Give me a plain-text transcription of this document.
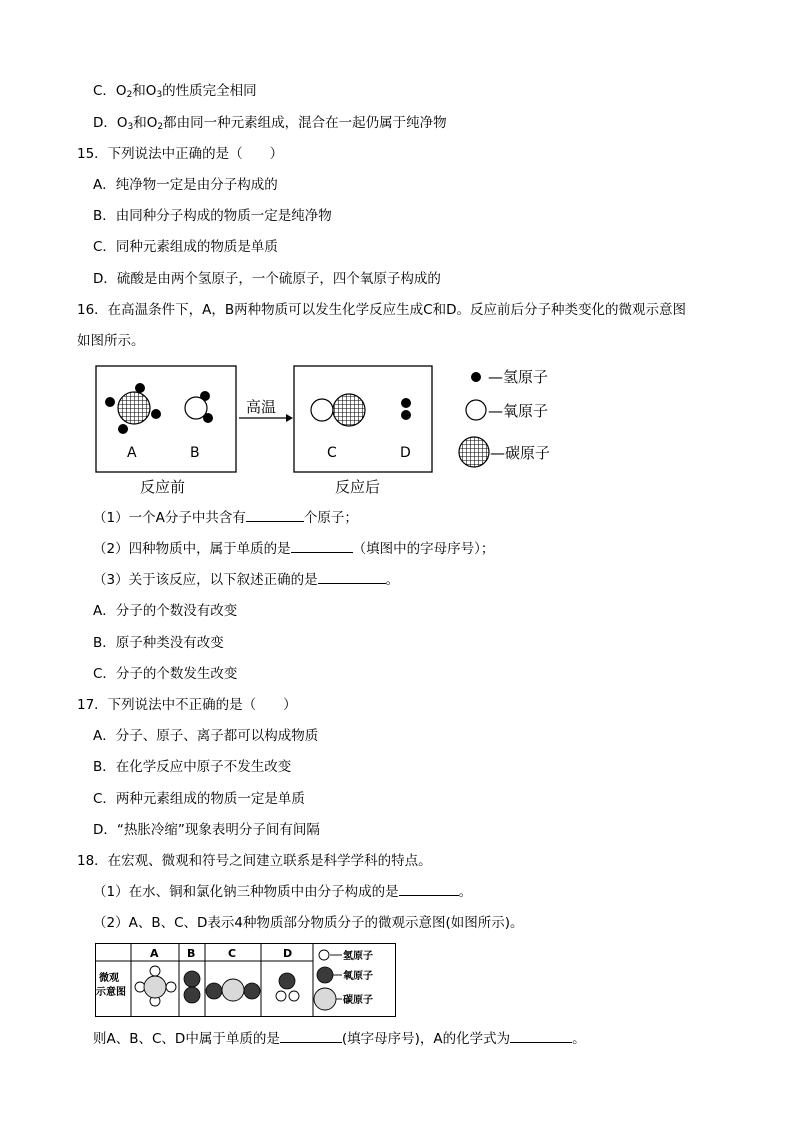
C．$O_2$和$O_3$的性质完全相同
D．$O_3$和$O_2$都由同一种元素组成，混合在一起仍属于纯净物
15．下列说法中正确的是（　　）
A．纯净物一定是由分子构成的
B．由同种分子构成的物质一定是纯净物
C．同种元素组成的物质是单质
D．硫酸是由两个氢原子，一个硫原子，四个氧原子构成的
16．在高温条件下，A，B两种物质可以发生化学反应生成C和D。反应前后分子种类变化的微观示意图
如图所示。
A	B
反应前
高温
C	D
反应后
—氢原子
—氧原子
—碳原子
（1）一个A分子中共含有	个原子；
（2）四种物质中，属于单质的是	（填图中的字母序号）；
（3）关于该反应，以下叙述正确的是	。
A．分子的个数没有改变
B．原子种类没有改变
C．分子的个数发生改变
17．下列说法中不正确的是（　　）
A．分子、原子、离子都可以构成物质
B．在化学反应中原子不发生改变
C．两种元素组成的物质一定是单质
D．“热胀冷缩”现象表明分子间有间隔
18．在宏观、微观和符号之间建立联系是科学学科的特点。
（1）在水、铜和氯化钠三种物质中由分子构成的是	。
（2）A、B、C、D表示4种物质部分物质分子的微观示意图(如图所示)。
A	B	C	D
微观
示意图
氢原子
氧原子
碳原子
则A、B、C、D中属于单质的是	(填字母序号)，A的化学式为	。
